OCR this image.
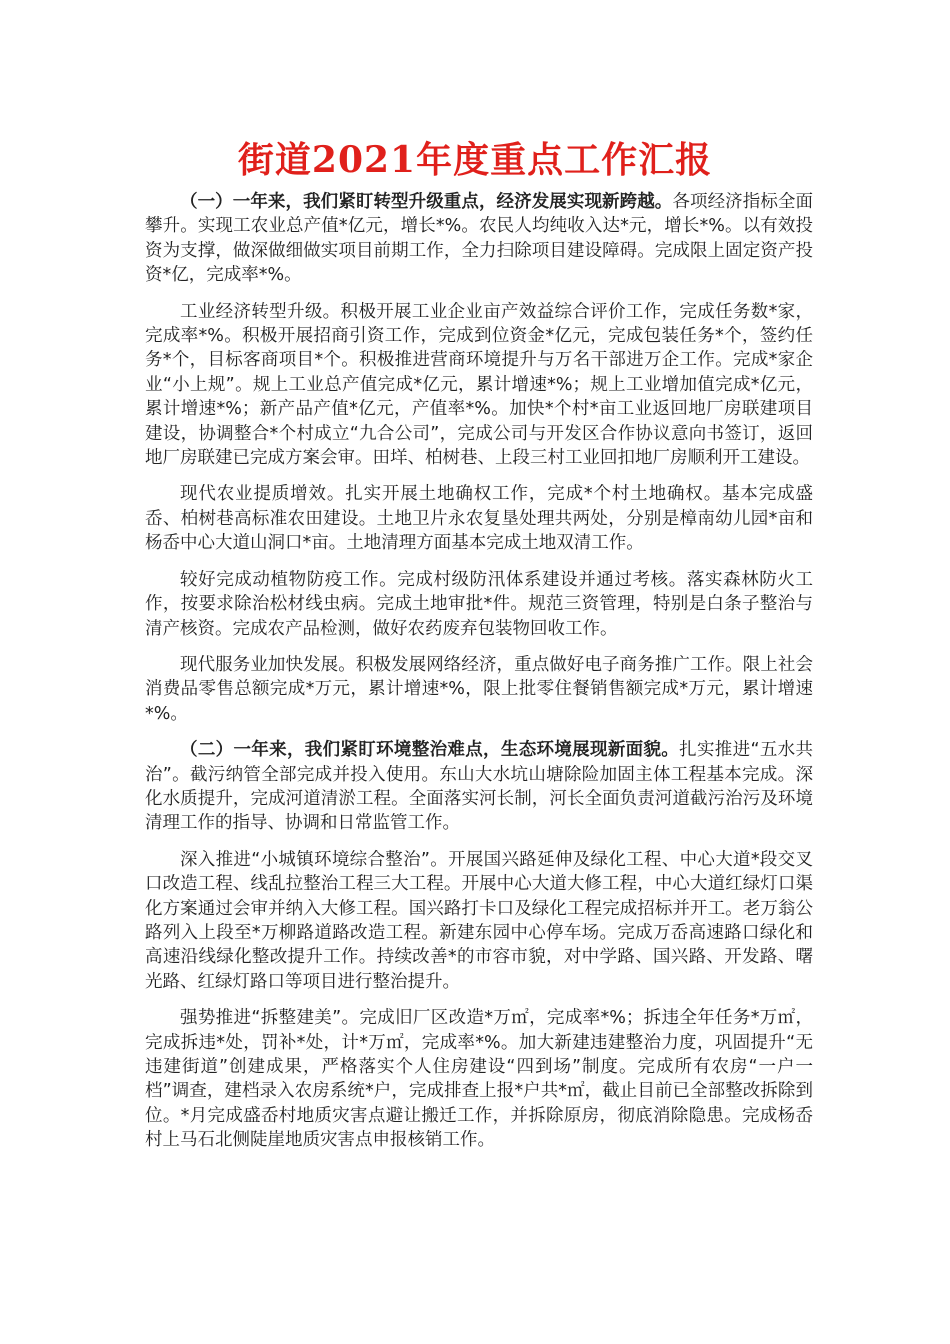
街道2021年度重点工作汇报

（一）一年来，我们紧盯转型升级重点，经济发展实现新跨越。各项经济指标全面攀升。实现工农业总产值*亿元，增长*%。农民人均纯收入达*元，增长*%。以有效投资为支撑，做深做细做实项目前期工作，全力扫除项目建设障碍。完成限上固定资产投资*亿，完成率*%。

工业经济转型升级。积极开展工业企业亩产效益综合评价工作，完成任务数*家，完成率*%。积极开展招商引资工作，完成到位资金*亿元，完成包装任务*个，签约任务*个，目标客商项目*个。积极推进营商环境提升与万名干部进万企工作。完成*家企业“小上规”。规上工业总产值完成*亿元，累计增速*%；规上工业增加值完成*亿元，累计增速*%；新产品产值*亿元，产值率*%。加快*个村*亩工业返回地厂房联建项目建设，协调整合*个村成立“九合公司”，完成公司与开发区合作协议意向书签订，返回地厂房联建已完成方案会审。田垟、柏树巷、上段三村工业回扣地厂房顺利开工建设。

现代农业提质增效。扎实开展土地确权工作，完成*个村土地确权。基本完成盛岙、柏树巷高标准农田建设。土地卫片永农复垦处理共两处，分别是樟南幼儿园*亩和杨岙中心大道山洞口*亩。土地清理方面基本完成土地双清工作。

较好完成动植物防疫工作。完成村级防汛体系建设并通过考核。落实森林防火工作，按要求除治松材线虫病。完成土地审批*件。规范三资管理，特别是白条子整治与清产核资。完成农产品检测，做好农药废弃包装物回收工作。

现代服务业加快发展。积极发展网络经济，重点做好电子商务推广工作。限上社会消费品零售总额完成*万元，累计增速*%，限上批零住餐销售额完成*万元，累计增速*%。

（二）一年来，我们紧盯环境整治难点，生态环境展现新面貌。扎实推进“五水共治”。截污纳管全部完成并投入使用。东山大水坑山塘除险加固主体工程基本完成。深化水质提升，完成河道清淤工程。全面落实河长制，河长全面负责河道截污治污及环境清理工作的指导、协调和日常监管工作。

深入推进“小城镇环境综合整治”。开展国兴路延伸及绿化工程、中心大道*段交叉口改造工程、线乱拉整治工程三大工程。开展中心大道大修工程，中心大道红绿灯口渠化方案通过会审并纳入大修工程。国兴路打卡口及绿化工程完成招标并开工。老万翁公路列入上段至*万柳路道路改造工程。新建东园中心停车场。完成万岙高速路口绿化和高速沿线绿化整改提升工作。持续改善*的市容市貌，对中学路、国兴路、开发路、曙光路、红绿灯路口等项目进行整治提升。

强势推进“拆整建美”。完成旧厂区改造*万㎡，完成率*%；拆违全年任务*万㎡，完成拆违*处，罚补*处，计*万㎡，完成率*%。加大新建违建整治力度，巩固提升“无违建街道”创建成果，严格落实个人住房建设“四到场”制度。完成所有农房“一户一档”调查，建档录入农房系统*户，完成排查上报*户共*㎡，截止目前已全部整改拆除到位。*月完成盛岙村地质灾害点避让搬迁工作，并拆除原房，彻底消除隐患。完成杨岙村上马石北侧陡崖地质灾害点申报核销工作。
